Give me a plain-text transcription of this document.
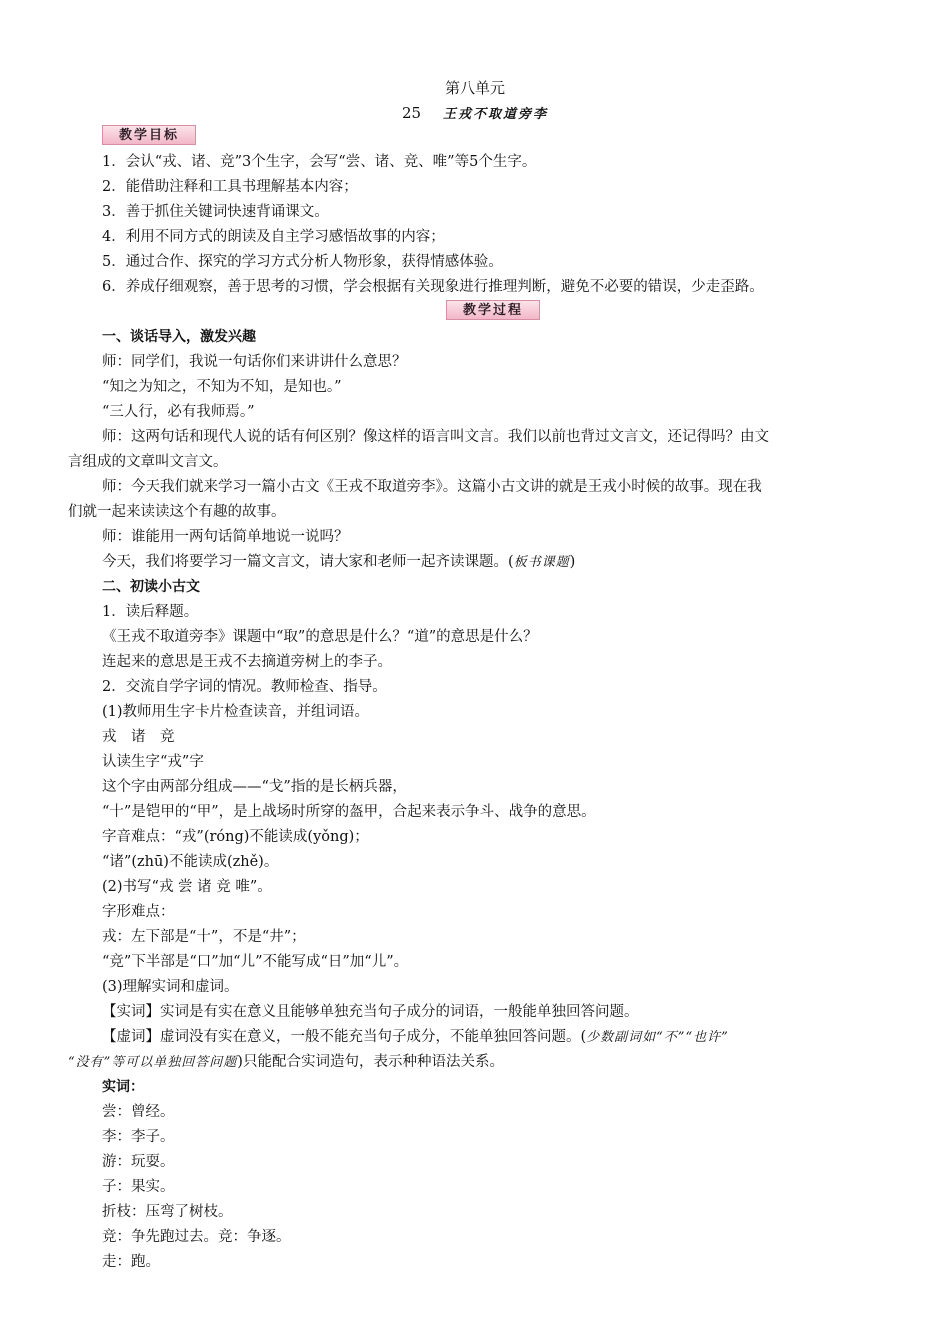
第八单元
25 王戎不取道旁李
教学目标
1．会认“戎、诸、竞”3个生字，会写“尝、诸、竞、唯”等5个生字。
2．能借助注释和工具书理解基本内容；
3．善于抓住关键词快速背诵课文。
4．利用不同方式的朗读及自主学习感悟故事的内容；
5．通过合作、探究的学习方式分析人物形象，获得情感体验。
6．养成仔细观察，善于思考的习惯，学会根据有关现象进行推理判断，避免不必要的错误，少走歪路。
教学过程
一、谈话导入，激发兴趣
师：同学们，我说一句话你们来讲讲什么意思？
“知之为知之，不知为不知，是知也。”
“三人行，必有我师焉。”
师：这两句话和现代人说的话有何区别？像这样的语言叫文言。我们以前也背过文言文，还记得吗？由文
言组成的文章叫文言文。
师：今天我们就来学习一篇小古文《王戎不取道旁李》。这篇小古文讲的就是王戎小时候的故事。现在我
们就一起来读读这个有趣的故事。
师：谁能用一两句话简单地说一说吗？
今天，我们将要学习一篇文言文，请大家和老师一起齐读课题。(板书课题)
二、初读小古文
1．读后释题。
《王戎不取道旁李》课题中“取”的意思是什么？“道”的意思是什么？
连起来的意思是王戎不去摘道旁树上的李子。
2．交流自学字词的情况。教师检查、指导。
(1)教师用生字卡片检查读音，并组词语。
戎　诸　竞
认读生字“戎”字
这个字由两部分组成——“戈”指的是长柄兵器，
“十”是铠甲的“甲”，是上战场时所穿的盔甲，合起来表示争斗、战争的意思。
字音难点：“戎”(róng)不能读成(yǒng)；
“诸”(zhū)不能读成(zhě)。
(2)书写“戎 尝 诸 竞 唯”。
字形难点：
戎：左下部是“十”，不是“井”；
“竞”下半部是“口”加“儿”不能写成“日”加“儿”。
(3)理解实词和虚词。
【实词】实词是有实在意义且能够单独充当句子成分的词语，一般能单独回答问题。
【虚词】虚词没有实在意义，一般不能充当句子成分，不能单独回答问题。(少数副词如“不”“也许”
“没有”等可以单独回答问题)只能配合实词造句，表示种种语法关系。
实词：
尝：曾经。
李：李子。
游：玩耍。
子：果实。
折枝：压弯了树枝。
竞：争先跑过去。竞：争逐。
走：跑。
